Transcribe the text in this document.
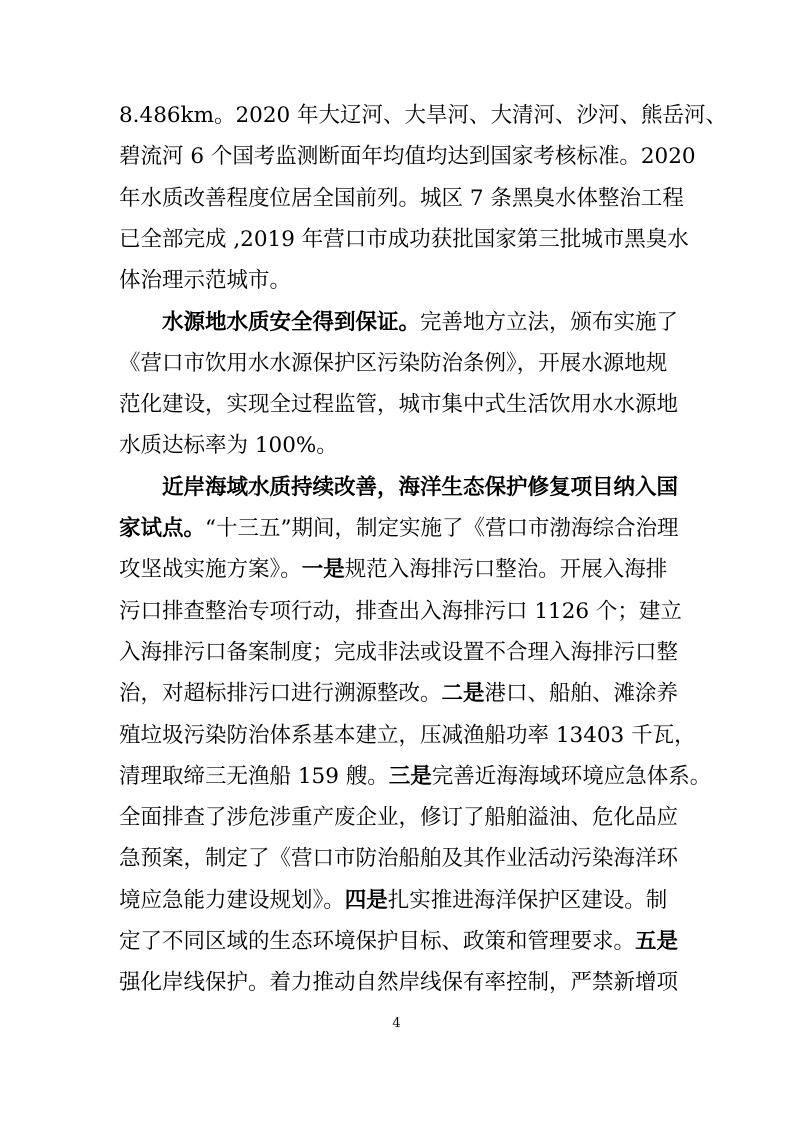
8.486km。2020 年大辽河、大旱河、大清河、沙河、熊岳河、
碧流河 6 个国考监测断面年均值均达到国家考核标准。2020
年水质改善程度位居全国前列。城区 7 条黑臭水体整治工程
已全部完成 ,2019 年营口市成功获批国家第三批城市黑臭水
体治理示范城市。
水源地水质安全得到保证。完善地方立法，颁布实施了
《营口市饮用水水源保护区污染防治条例》，开展水源地规
范化建设，实现全过程监管，城市集中式生活饮用水水源地
水质达标率为 100%。
近岸海域水质持续改善，海洋生态保护修复项目纳入国
家试点。“十三五”期间，制定实施了《营口市渤海综合治理
攻坚战实施方案》。一是规范入海排污口整治。开展入海排
污口排查整治专项行动，排查出入海排污口 1126 个；建立
入海排污口备案制度；完成非法或设置不合理入海排污口整
治，对超标排污口进行溯源整改。二是港口、船舶、滩涂养
殖垃圾污染防治体系基本建立，压减渔船功率 13403 千瓦，
清理取缔三无渔船 159 艘。三是完善近海海域环境应急体系。
全面排查了涉危涉重产废企业，修订了船舶溢油、危化品应
急预案，制定了《营口市防治船舶及其作业活动污染海洋环
境应急能力建设规划》。四是扎实推进海洋保护区建设。制
定了不同区域的生态环境保护目标、政策和管理要求。五是
强化岸线保护。着力推动自然岸线保有率控制，严禁新增项
4
